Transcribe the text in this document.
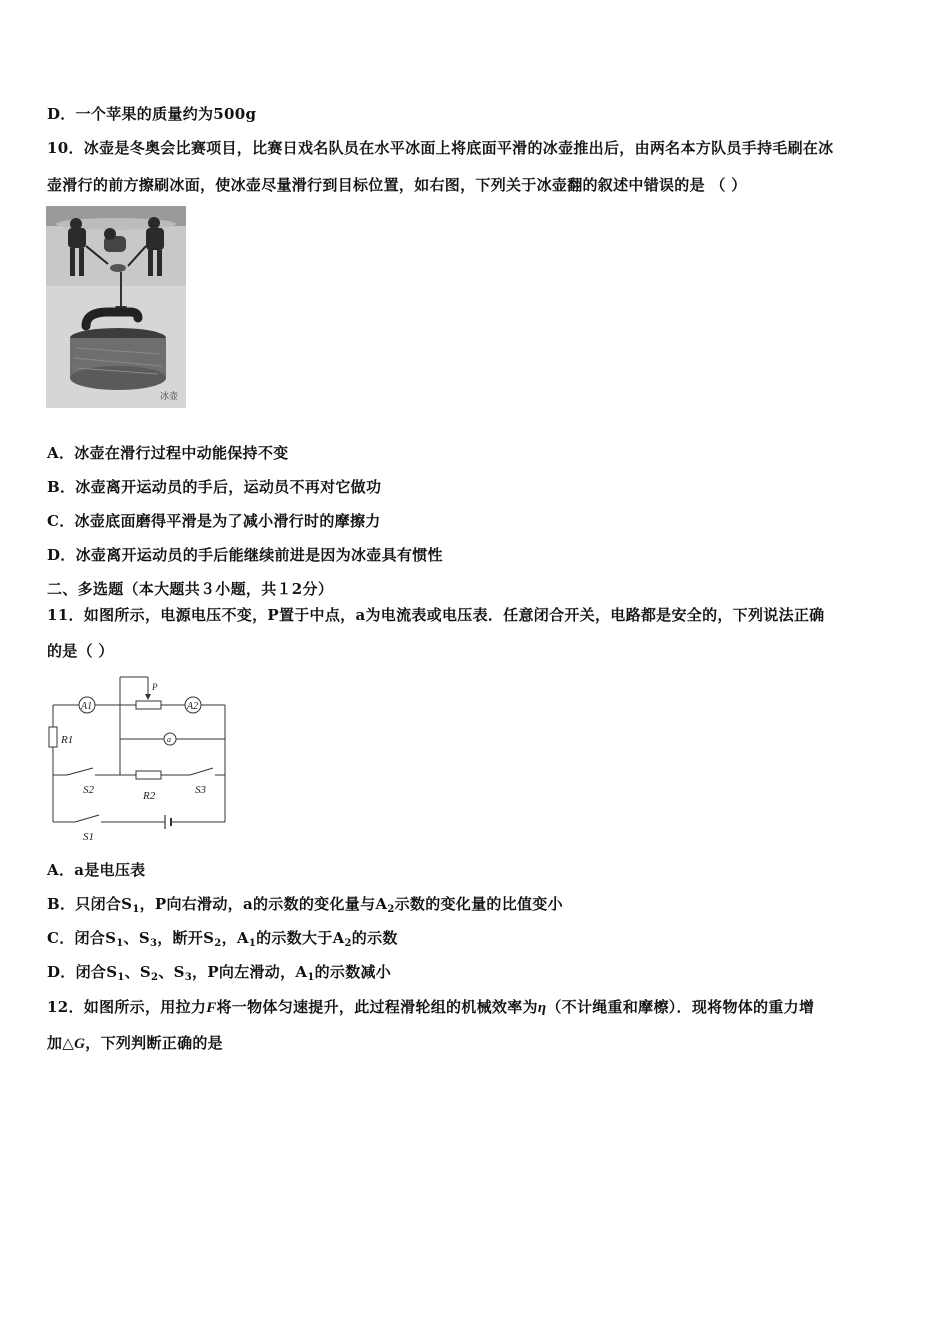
D．一个苹果的质量约为500g
10．冰壶是冬奥会比赛项目，比赛日戏名队员在水平冰面上将底面平滑的冰壶推出后，由两名本方队员手持毛刷在冰
壶滑行的前方擦刷冰面，使冰壶尽量滑行到目标位置，如右图，下列关于冰壶翻的叙述中错误的是 （ ）
冰壶
A．冰壶在滑行过程中动能保持不变
B．冰壶离开运动员的手后，运动员不再对它做功
C．冰壶底面磨得平滑是为了减小滑行时的摩擦力
D．冰壶离开运动员的手后能继续前进是因为冰壶具有惯性
二、多选题（本大题共３小题，共１2分）
11．如图所示，电源电压不变，P置于中点，a为电流表或电压表．任意闭合开关，电路都是安全的，下列说法正确
的是（ ）
A1	A2
a
P
R1
R2
S2	S3
S1
A．a是电压表
B．只闭合$S_1$，P向右滑动，a的示数的变化量与$A_2$示数的变化量的比值变小
C．闭合$S_1$、$S_3$，断开$S_2$，$A_1$的示数大于$A_2$的示数
D．闭合$S_1$、$S_2$、$S_3$，P向左滑动，$A_1$的示数减小
12．如图所示，用拉力F将一物体匀速提升，此过程滑轮组的机械效率为η（不计绳重和摩檫）．现将物体的重力增
加△G，下列判断正确的是
